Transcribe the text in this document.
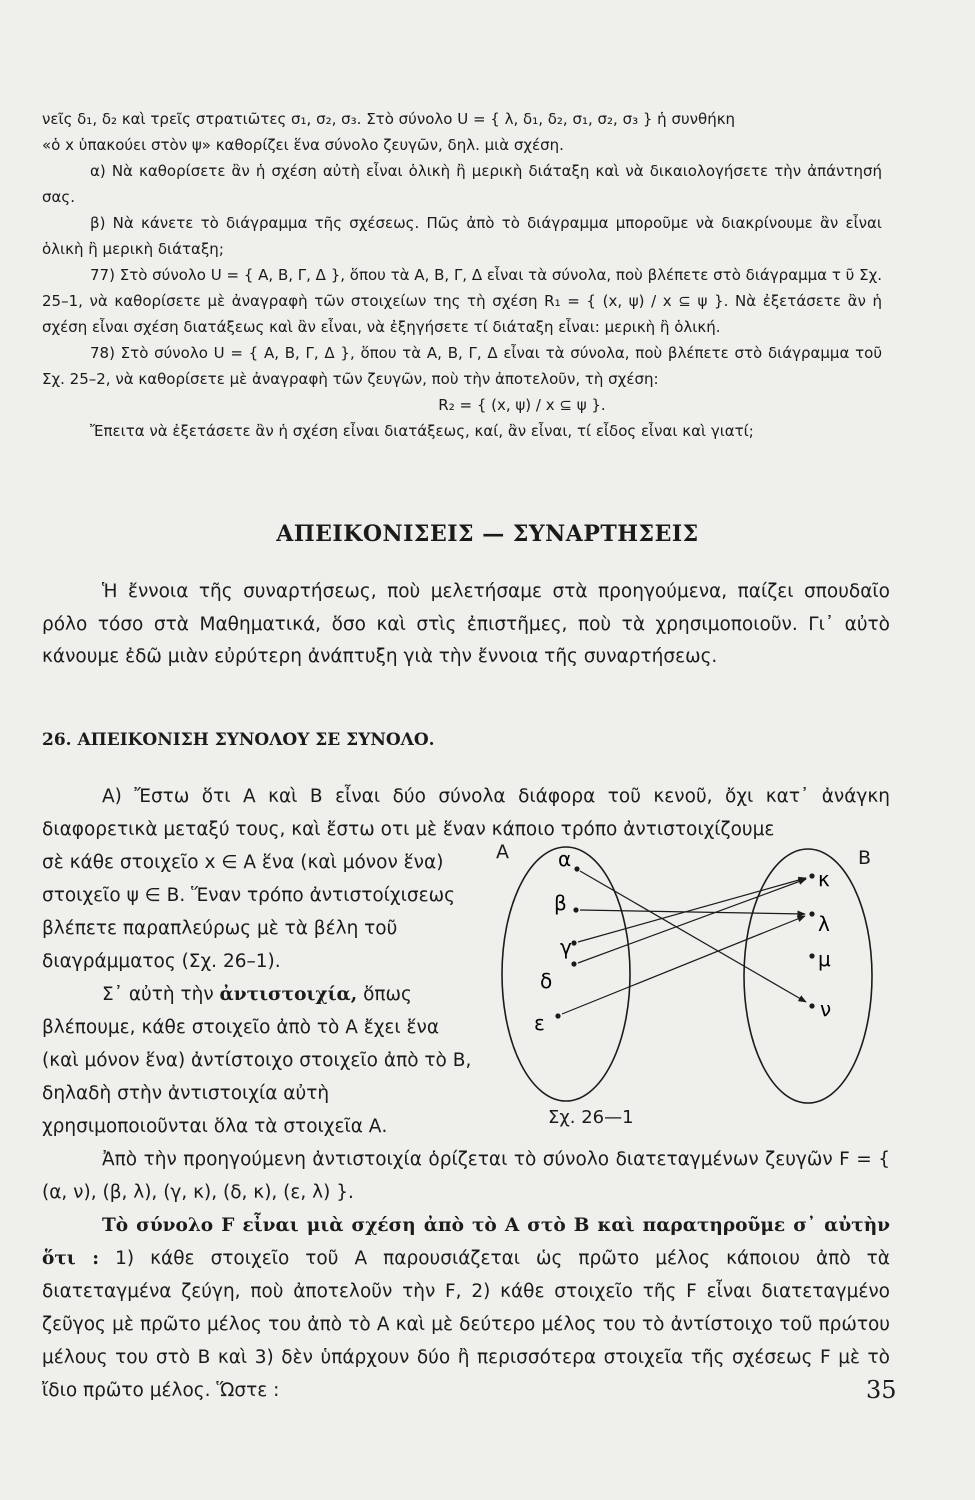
νεῖς δ₁, δ₂ καὶ τρεῖς στρατιῶτες σ₁, σ₂, σ₃. Στὸ σύνολο U = { λ, δ₁, δ₂, σ₁, σ₂, σ₃ } ἡ συνθήκη

«ὁ x ὑπακούει στὸν ψ» καθορίζει ἕνα σύνολο ζευγῶν, δηλ. μιὰ σχέση.

α) Νὰ καθορίσετε ἂν ἡ σχέση αὐτὴ εἶναι ὁλικὴ ἢ μερικὴ διάταξη καὶ νὰ δικαιολογήσετε τὴν ἀπάντησή σας.

β) Νὰ κάνετε τὸ διάγραμμα τῆς σχέσεως. Πῶς ἀπὸ τὸ διάγραμμα μποροῦμε νὰ διακρίνουμε ἂν εἶναι ὁλικὴ ἢ μερικὴ διάταξη;

77) Στὸ σύνολο U = { Α, Β, Γ, Δ }, ὅπου τὰ Α, Β, Γ, Δ εἶναι τὰ σύνολα, ποὺ βλέπετε στὸ διάγραμμα τ ῦ Σχ. 25–1, νὰ καθορίσετε μὲ ἀναγραφὴ τῶν στοιχείων της τὴ σχέση R₁ = { (x, ψ) / x ⊆ ψ }. Νὰ ἐξετάσετε ἂν ἡ σχέση εἶναι σχέση διατάξεως καὶ ἂν εἶναι, νὰ ἐξηγήσετε τί διάταξη εἶναι: μερικὴ ἢ ὁλική.

78) Στὸ σύνολο U = { Α, Β, Γ, Δ }, ὅπου τὰ Α, Β, Γ, Δ εἶναι τὰ σύνολα, ποὺ βλέπετε στὸ διάγραμμα τοῦ Σχ. 25–2, νὰ καθορίσετε μὲ ἀναγραφὴ τῶν ζευγῶν, ποὺ τὴν ἀποτελοῦν, τὴ σχέση:

R₂ = { (x, ψ) / x ⊆ ψ }.

Ἔπειτα νὰ ἐξετάσετε ἂν ἡ σχέση εἶναι διατάξεως, καί, ἂν εἶναι, τί εἶδος εἶναι καὶ γιατί;

ΑΠΕΙΚΟΝΙΣΕΙΣ — ΣΥΝΑΡΤΗΣΕΙΣ

Ἡ ἔννοια τῆς συναρτήσεως, ποὺ μελετήσαμε στὰ προηγούμενα, παίζει σπουδαῖο ρόλο τόσο στὰ Μαθηματικά, ὅσο καὶ στὶς ἐπιστῆμες, ποὺ τὰ χρησιμοποιοῦν. Γι᾽ αὐτὸ κάνουμε ἐδῶ μιὰν εὐρύτερη ἀνάπτυξη γιὰ τὴν ἔννοια τῆς συναρτήσεως.

26. ΑΠΕΙΚΟΝΙΣΗ ΣΥΝΟΛΟΥ ΣΕ ΣΥΝΟΛΟ.

Α) Ἔστω ὅτι Α καὶ Β εἶναι δύο σύνολα διάφορα τοῦ κενοῦ, ὄχι κατ᾽ ἀνάγκη διαφορετικὰ μεταξύ τους, καὶ ἔστω οτι μὲ ἕναν κάποιο τρόπο ἀντιστοιχίζουμε

σὲ κάθε στοιχεῖο x ∈ Α ἕνα (καὶ μόνον ἕνα) στοιχεῖο ψ ∈ Β. Ἕναν τρόπο ἀντιστοίχισεως βλέπετε παραπλεύρως μὲ τὰ βέλη τοῦ διαγράμματος (Σχ. 26–1).

Σ᾽ αὐτὴ τὴν ἀντιστοιχία, ὅπως βλέπουμε, κάθε στοιχεῖο ἀπὸ τὸ Α ἔχει ἕνα (καὶ μόνον ἕνα) ἀντίστοιχο στοιχεῖο ἀπὸ τὸ Β, δηλαδὴ στὴν ἀντιστοιχία αὐτὴ χρησιμοποιοῦνται ὅλα τὰ στοιχεῖα Α.

Ἀπὸ τὴν προηγούμενη ἀντιστοιχία ὁρίζεται τὸ σύνολο διατεταγμένων ζευγῶν F = { (α, ν), (β, λ), (γ, κ), (δ, κ), (ε, λ) }.

Τὸ σύνολο F εἶναι μιὰ σχέση ἀπὸ τὸ Α στὸ Β καὶ παρατηροῦμε σ᾽ αὐτὴν ὅτι : 1) κάθε στοιχεῖο τοῦ Α παρουσιάζεται ὡς πρῶτο μέλος κάποιου ἀπὸ τὰ διατεταγμένα ζεύγη, ποὺ ἀποτελοῦν τὴν F, 2) κάθε στοιχεῖο τῆς F εἶναι διατεταγμένο ζεῦγος μὲ πρῶτο μέλος του ἀπὸ τὸ Α καὶ μὲ δεύτερο μέλος του τὸ ἀντίστοιχο τοῦ πρώτου μέλους του στὸ Β καὶ 3) δὲν ὑπάρχουν δύο ἢ περισσότερα στοιχεῖα τῆς σχέσεως F μὲ τὸ ἴδιο πρῶτο μέλος. Ὥστε :

Α	Β
α
β
γ
δ
ε
κ
λ
μ
ν
Σχ. 26—1
35
